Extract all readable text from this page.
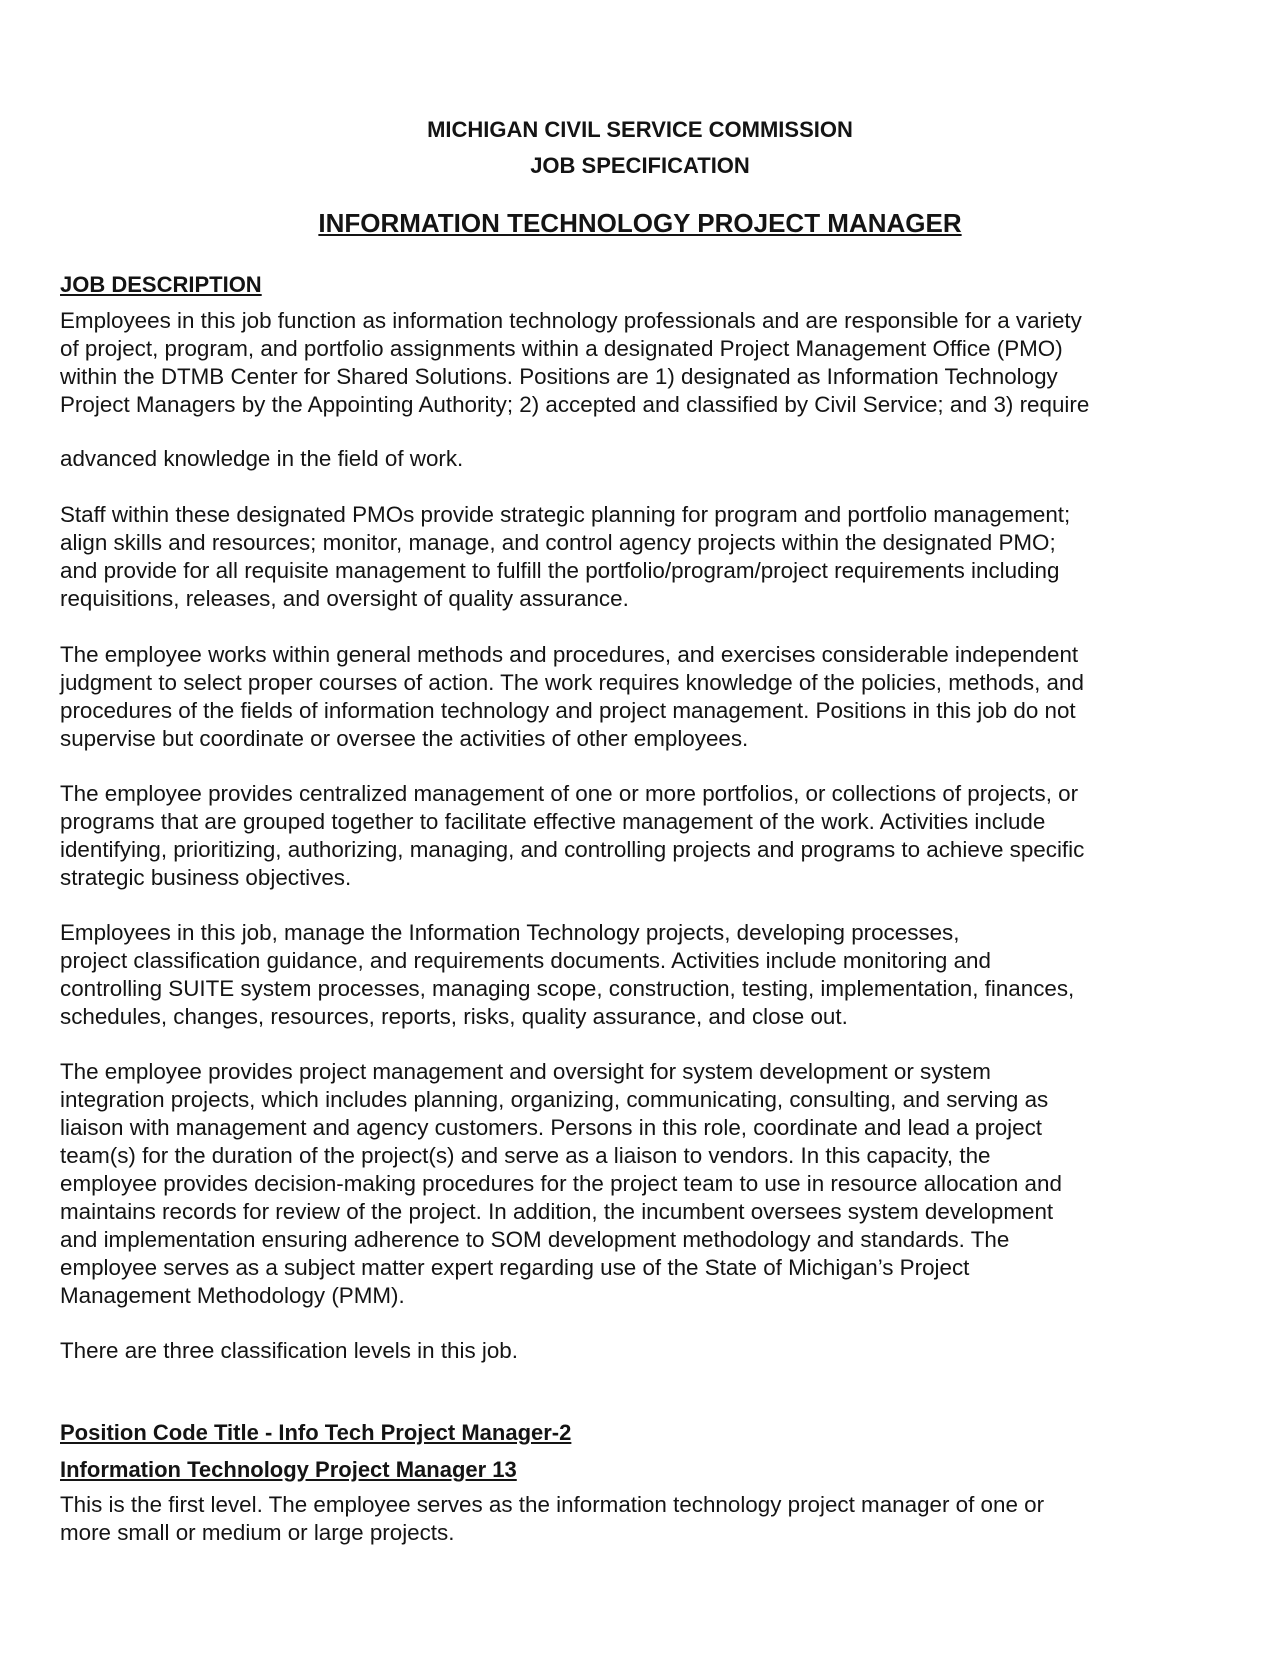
MICHIGAN CIVIL SERVICE COMMISSION
JOB SPECIFICATION
INFORMATION TECHNOLOGY PROJECT MANAGER
JOB DESCRIPTION

Employees in this job function as information technology professionals and are responsible for a variety
of project, program, and portfolio assignments within a designated Project Management Office (PMO)
within the DTMB Center for Shared Solutions. Positions are 1) designated as Information Technology
Project Managers by the Appointing Authority; 2) accepted and classified by Civil Service; and 3) require

advanced knowledge in the field of work.

Staff within these designated PMOs provide strategic planning for program and portfolio management;
align skills and resources; monitor, manage, and control agency projects within the designated PMO;
and provide for all requisite management to fulfill the portfolio/program/project requirements including
requisitions, releases, and oversight of quality assurance.

The employee works within general methods and procedures, and exercises considerable independent
judgment to select proper courses of action. The work requires knowledge of the policies, methods, and
procedures of the fields of information technology and project management. Positions in this job do not
supervise but coordinate or oversee the activities of other employees.

The employee provides centralized management of one or more portfolios, or collections of projects, or
programs that are grouped together to facilitate effective management of the work. Activities include
identifying, prioritizing, authorizing, managing, and controlling projects and programs to achieve specific
strategic business objectives.

Employees in this job, manage the Information Technology projects, developing processes,
project classification guidance, and requirements documents. Activities include monitoring and
controlling SUITE system processes, managing scope, construction, testing, implementation, finances,
schedules, changes, resources, reports, risks, quality assurance, and close out.

The employee provides project management and oversight for system development or system
integration projects, which includes planning, organizing, communicating, consulting, and serving as
liaison with management and agency customers. Persons in this role, coordinate and lead a project
team(s) for the duration of the project(s) and serve as a liaison to vendors. In this capacity, the
employee provides decision-making procedures for the project team to use in resource allocation and
maintains records for review of the project. In addition, the incumbent oversees system development
and implementation ensuring adherence to SOM development methodology and standards. The
employee serves as a subject matter expert regarding use of the State of Michigan’s Project
Management Methodology (PMM).

There are three classification levels in this job.

Position Code Title - Info Tech Project Manager-2
Information Technology Project Manager 13

This is the first level. The employee serves as the information technology project manager of one or
more small or medium or large projects.
